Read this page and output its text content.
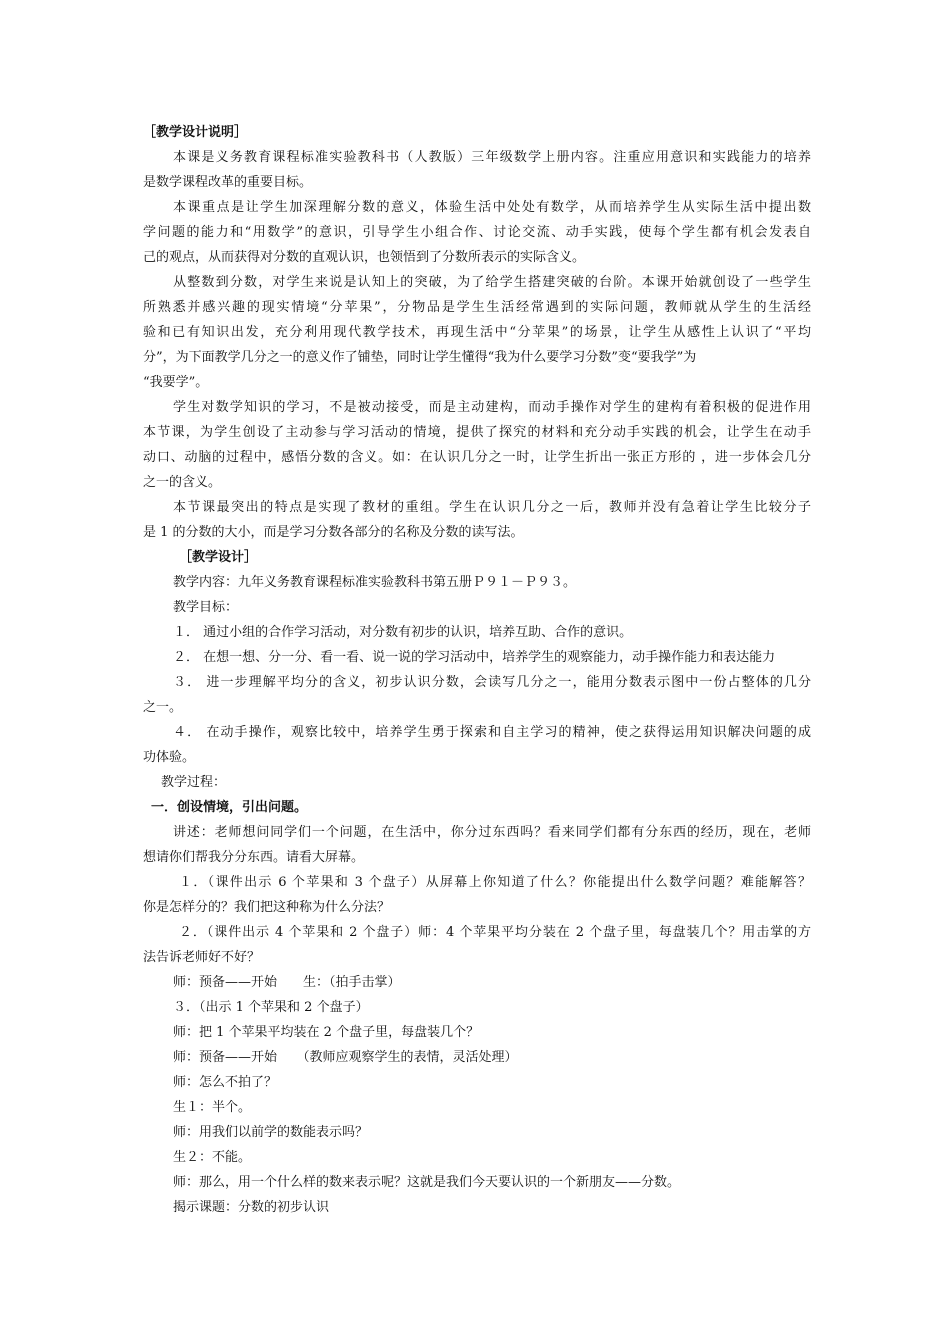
［教学设计说明］
本课是义务教育课程标准实验教科书（人教版）三年级数学上册内容。注重应用意识和实践能力的培养
是数学课程改革的重要目标。
本课重点是让学生加深理解分数的意义，体验生活中处处有数学，从而培养学生从实际生活中提出数
学问题的能力和“用数学”的意识，引导学生小组合作、讨论交流、动手实践，使每个学生都有机会发表自
己的观点，从而获得对分数的直观认识，也领悟到了分数所表示的实际含义。
从整数到分数，对学生来说是认知上的突破，为了给学生搭建突破的台阶。本课开始就创设了一些学生
所熟悉并感兴趣的现实情境“分苹果”，分物品是学生生活经常遇到的实际问题，教师就从学生的生活经
验和已有知识出发，充分利用现代教学技术，再现生活中“分苹果”的场景，让学生从感性上认识了“平均
分”，为下面教学几分之一的意义作了铺垫，同时让学生懂得“我为什么要学习分数”变“要我学”为
“我要学”。
学生对数学知识的学习，不是被动接受，而是主动建构，而动手操作对学生的建构有着积极的促进作用
本节课，为学生创设了主动参与学习活动的情境，提供了探究的材料和充分动手实践的机会，让学生在动手
动口、动脑的过程中，感悟分数的含义。如：在认识几分之一时，让学生折出一张正方形的 ，进一步体会几分
之一的含义。
本节课最突出的特点是实现了教材的重组。学生在认识几分之一后，教师并没有急着让学生比较分子
是 1 的分数的大小，而是学习分数各部分的名称及分数的读写法。
［教学设计］
教学内容：九年义务教育课程标准实验教科书第五册Ｐ９１－Ｐ９３。
教学目标：
１． 通过小组的合作学习活动，对分数有初步的认识，培养互助、合作的意识。
２． 在想一想、分一分、看一看、说一说的学习活动中，培养学生的观察能力，动手操作能力和表达能力
３． 进一步理解平均分的含义，初步认识分数，会读写几分之一，能用分数表示图中一份占整体的几分
之一。
４． 在动手操作，观察比较中，培养学生勇于探索和自主学习的精神，使之获得运用知识解决问题的成
功体验。
教学过程：
一．创设情境，引出问题。
讲述：老师想问同学们一个问题，在生活中，你分过东西吗？看来同学们都有分东西的经历，现在，老师
想请你们帮我分分东西。请看大屏幕。
１．（课件出示 6 个苹果和 3 个盘子）从屏幕上你知道了什么？你能提出什么数学问题？难能解答？
你是怎样分的？我们把这种称为什么分法？
２．（课件出示 4 个苹果和 2 个盘子）师：4 个苹果平均分装在 2 个盘子里，每盘装几个？用击掌的方
法告诉老师好不好？
师：预备——开始　　生：（拍手击掌）
３．（出示 1 个苹果和 2 个盘子）
师：把 1 个苹果平均装在 2 个盘子里，每盘装几个？
师：预备——开始　　（教师应观察学生的表情，灵活处理）
师：怎么不拍了？
生１：半个。
师：用我们以前学的数能表示吗？
生２：不能。
师：那么，用一个什么样的数来表示呢？这就是我们今天要认识的一个新朋友——分数。
揭示课题：分数的初步认识
